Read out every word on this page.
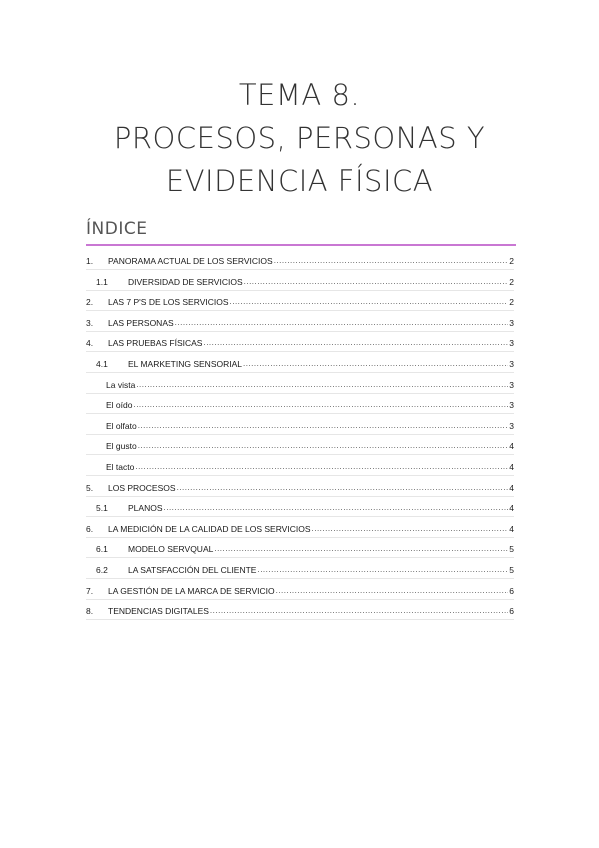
TEMA 8.
PROCESOS, PERSONAS Y
EVIDENCIA FÍSICA
ÍNDICE
1.	PANORAMA ACTUAL DE LOS SERVICIOS .....	2
1.1	DIVERSIDAD DE SERVICIOS .....	2
2.	LAS 7 P'S DE LOS SERVICIOS .....	2
3.	LAS PERSONAS .....	3
4.	LAS PRUEBAS FÍSICAS .....	3
4.1	EL MARKETING SENSORIAL .....	3
La vista .....	3
El oído .....	3
El olfato .....	3
El gusto .....	4
El tacto .....	4
5.	LOS PROCESOS .....	4
5.1	PLANOS .....	4
6.	LA MEDICIÓN DE LA CALIDAD DE LOS SERVICIOS .....	4
6.1	MODELO SERVQUAL .....	5
6.2	LA SATSFACCIÓN DEL CLIENTE .....	5
7.	LA GESTIÓN DE LA MARCA DE SERVICIO .....	6
8.	TENDENCIAS DIGITALES .....	6
